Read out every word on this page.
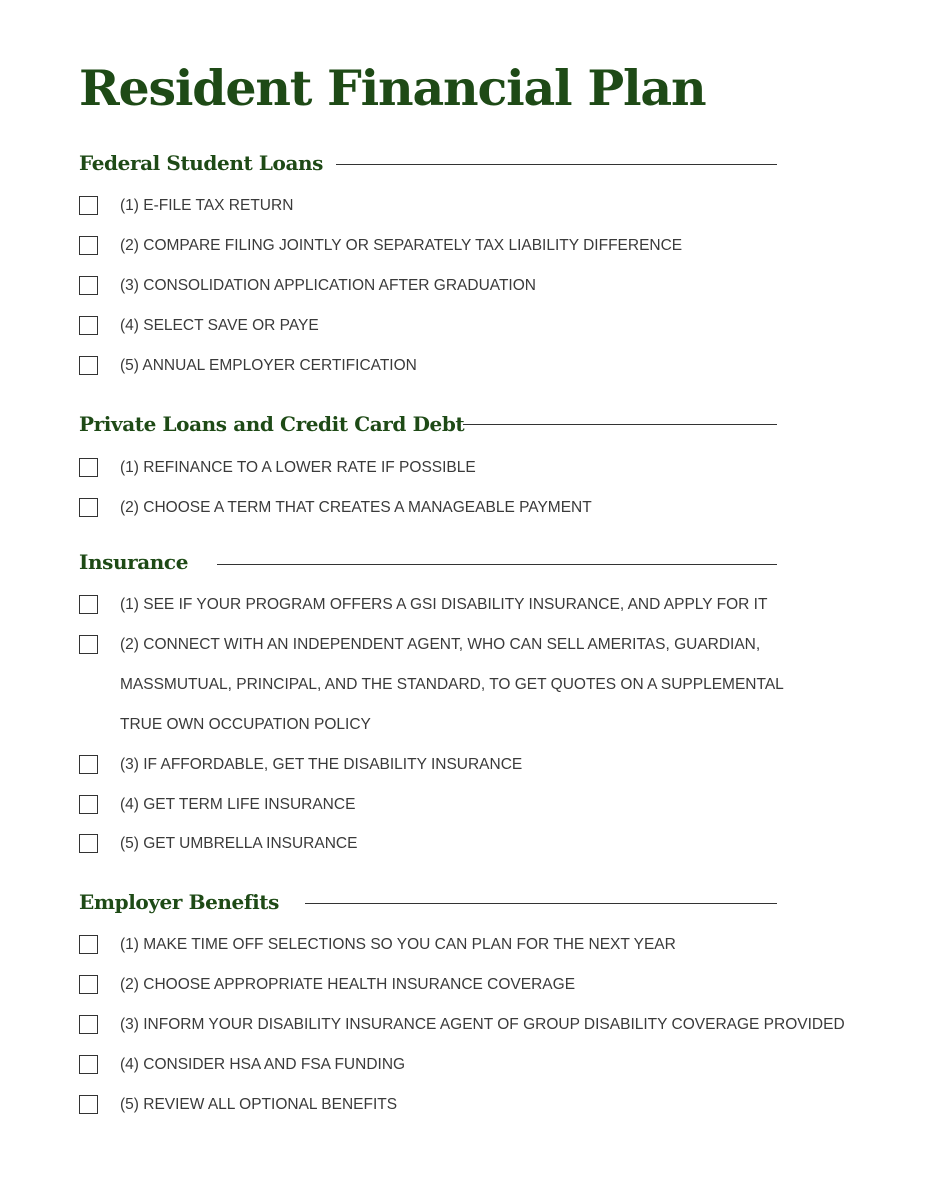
Resident Financial Plan
Federal Student Loans
(1) E-FILE TAX RETURN
(2) COMPARE FILING JOINTLY OR SEPARATELY TAX LIABILITY DIFFERENCE
(3) CONSOLIDATION APPLICATION AFTER GRADUATION
(4) SELECT SAVE OR PAYE
(5) ANNUAL EMPLOYER CERTIFICATION
Private Loans and Credit Card Debt
(1) REFINANCE TO A LOWER RATE IF POSSIBLE
(2) CHOOSE A TERM THAT CREATES A MANAGEABLE PAYMENT
Insurance
(1) SEE IF YOUR PROGRAM OFFERS A GSI DISABILITY INSURANCE, AND APPLY FOR IT
(2) CONNECT WITH AN INDEPENDENT AGENT, WHO CAN SELL AMERITAS, GUARDIAN,
MASSMUTUAL, PRINCIPAL, AND THE STANDARD, TO GET QUOTES ON A SUPPLEMENTAL
TRUE OWN OCCUPATION POLICY
(3) IF AFFORDABLE, GET THE DISABILITY INSURANCE
(4) GET TERM LIFE INSURANCE
(5) GET UMBRELLA INSURANCE
Employer Benefits
(1) MAKE TIME OFF SELECTIONS SO YOU CAN PLAN FOR THE NEXT YEAR
(2) CHOOSE APPROPRIATE HEALTH INSURANCE COVERAGE
(3) INFORM YOUR DISABILITY INSURANCE AGENT OF GROUP DISABILITY COVERAGE PROVIDED
(4) CONSIDER HSA AND FSA FUNDING
(5) REVIEW ALL OPTIONAL BENEFITS
